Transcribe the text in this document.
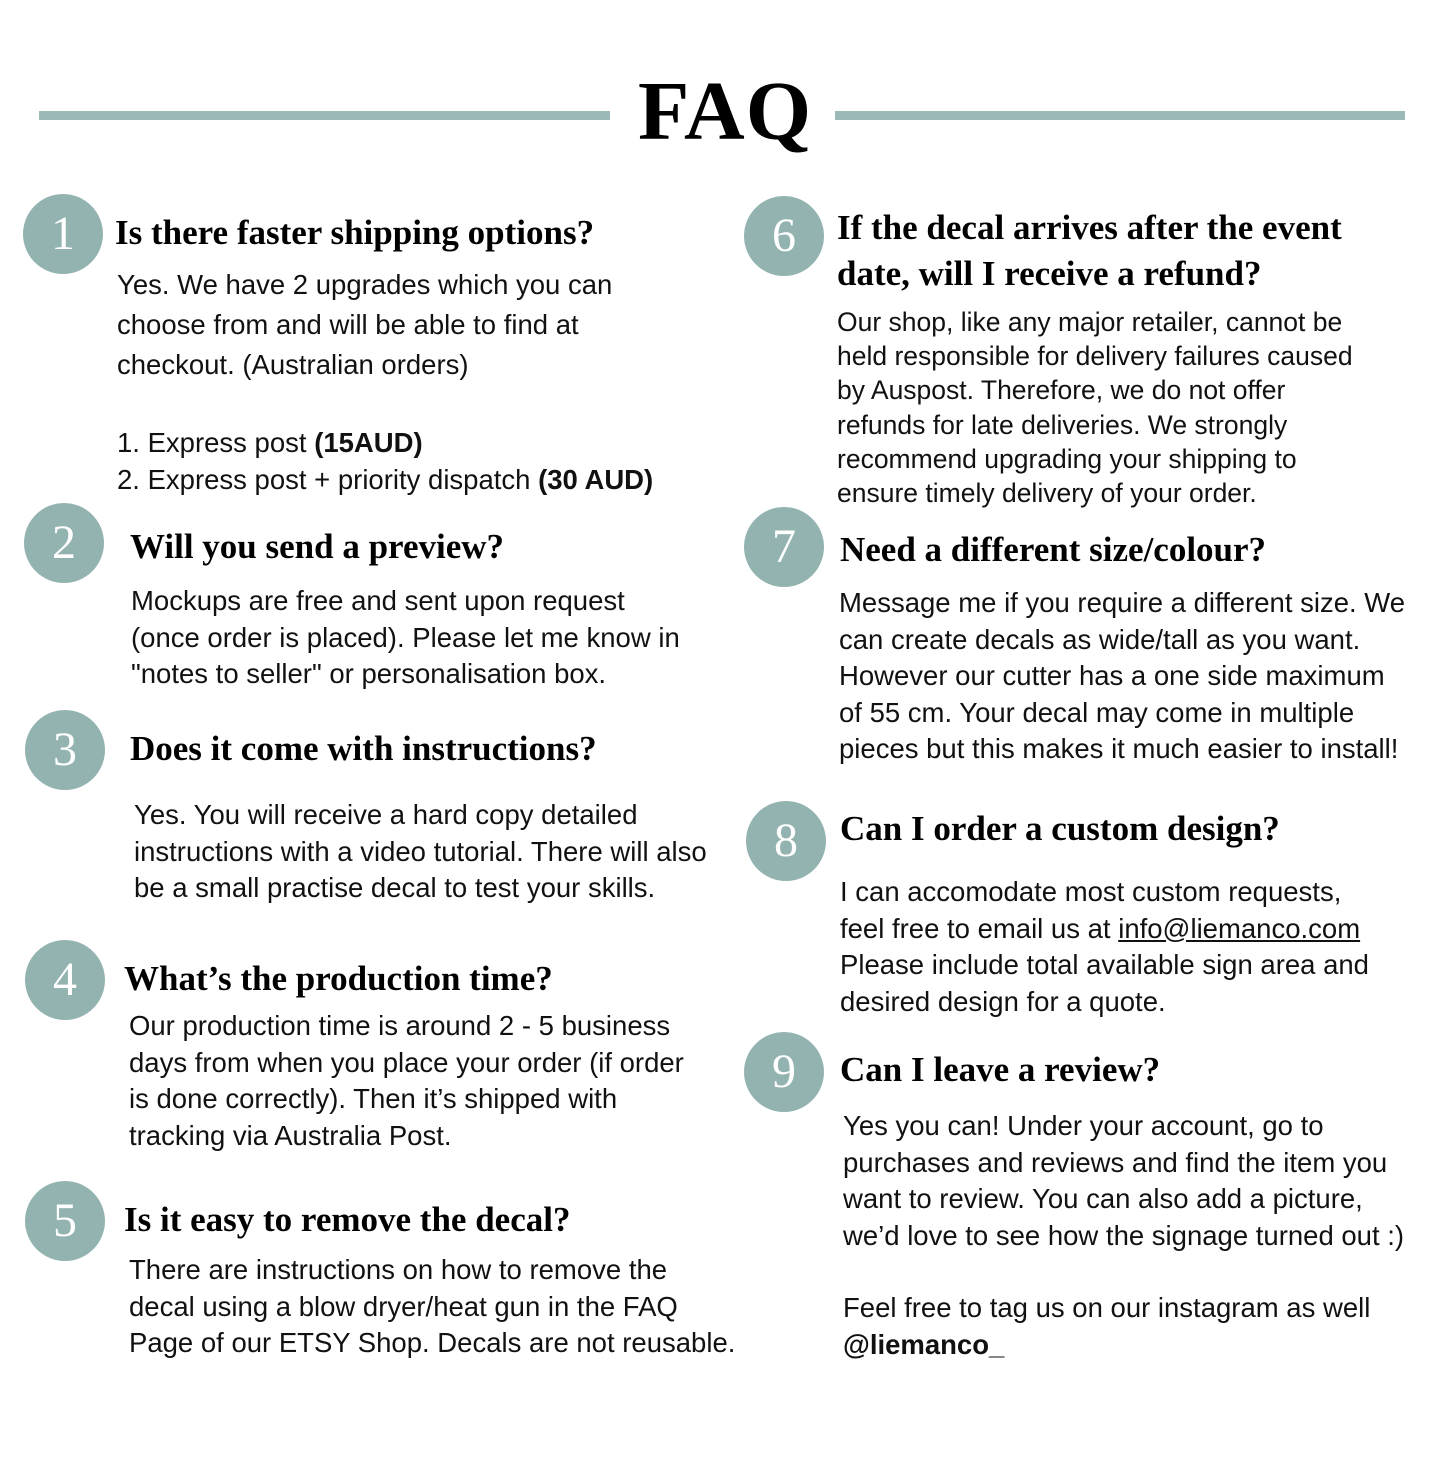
FAQ
1	Is there faster shipping options?
Yes. We have 2 upgrades which you can
choose from and will be able to find at
checkout. (Australian orders)
1. Express post (15AUD)
2. Express post + priority dispatch (30 AUD)
2	Will you send a preview?
Mockups are free and sent upon request
(once order is placed). Please let me know in
"notes to seller" or personalisation box.
3	Does it come with instructions?
Yes. You will receive a hard copy detailed
instructions with a video tutorial. There will also
be a small practise decal to test your skills.
4	What’s the production time?
Our production time is around 2 - 5 business
days from when you place your order (if order
is done correctly). Then it’s shipped with
tracking via Australia Post.
5	Is it easy to remove the decal?
There are instructions on how to remove the
decal using a blow dryer/heat gun in the FAQ
Page of our ETSY Shop. Decals are not reusable.
6	If the decal arrives after the event
date, will I receive a refund?
Our shop, like any major retailer, cannot be
held responsible for delivery failures caused
by Auspost. Therefore, we do not offer
refunds for late deliveries. We strongly
recommend upgrading your shipping to
ensure timely delivery of your order.
7	Need a different size/colour?
Message me if you require a different size. We
can create decals as wide/tall as you want.
However our cutter has a one side maximum
of 55 cm. Your decal may come in multiple
pieces but this makes it much easier to install!
8	Can I order a custom design?
I can accomodate most custom requests,
feel free to email us at info@liemanco.com
Please include total available sign area and
desired design for a quote.
9	Can I leave a review?
Yes you can! Under your account, go to
purchases and reviews and find the item you
want to review. You can also add a picture,
we’d love to see how the signage turned out :)
Feel free to tag us on our instagram as well
@liemanco_
